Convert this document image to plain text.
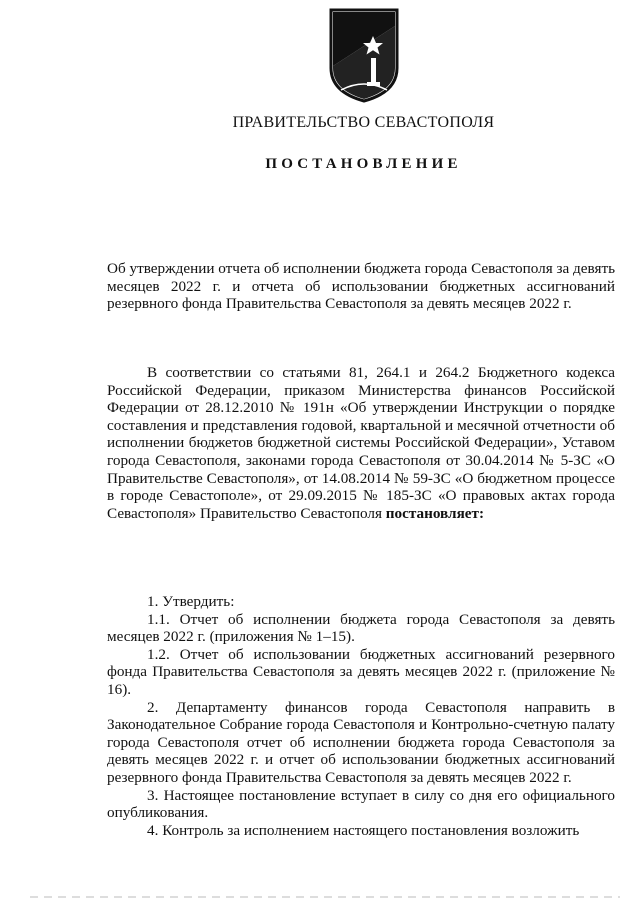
ПРАВИТЕЛЬСТВО СЕВАСТОПОЛЯ
ПОСТАНОВЛЕНИЕ
Об утверждении отчета об исполнении бюджета города Севастополя за девять месяцев 2022 г. и отчета об использовании бюджетных ассигнований резервного фонда Правительства Севастополя за девять месяцев 2022 г.
В соответствии со статьями 81, 264.1 и 264.2 Бюджетного кодекса Российской Федерации, приказом Министерства финансов Российской Федерации от 28.12.2010 № 191н «Об утверждении Инструкции о порядке составления и представления годовой, квартальной и месячной отчетности об исполнении бюджетов бюджетной системы Российской Федерации», Уставом города Севастополя, законами города Севастополя от 30.04.2014 № 5-ЗС «О Правительстве Севастополя», от 14.08.2014 № 59-ЗС «О бюджетном процессе в городе Севастополе», от 29.09.2015 № 185-ЗС «О правовых актах города Севастополя» Правительство Севастополя постановляет:

1. Утвердить:

1.1. Отчет об исполнении бюджета города Севастополя за девять месяцев 2022 г. (приложения № 1–15).

1.2. Отчет об использовании бюджетных ассигнований резервного фонда Правительства Севастополя за девять месяцев 2022 г. (приложение № 16).

2. Департаменту финансов города Севастополя направить в Законодательное Собрание города Севастополя и Контрольно-счетную палату города Севастополя отчет об исполнении бюджета города Севастополя за девять месяцев 2022 г. и отчет об использовании бюджетных ассигнований резервного фонда Правительства Севастополя за девять месяцев 2022 г.

3. Настоящее постановление вступает в силу со дня его официального опубликования.

4. Контроль за исполнением настоящего постановления возложить
